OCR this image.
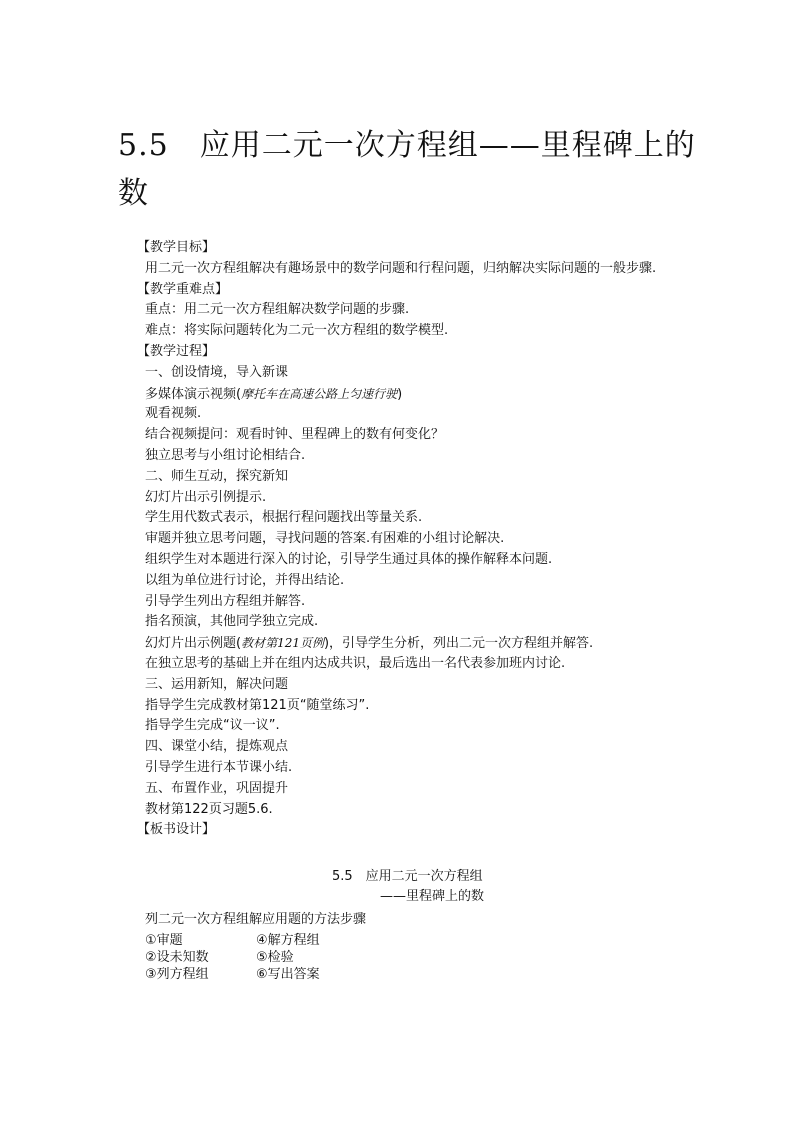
5.5　应用二元一次方程组——里程碑上的数
【教学目标】
用二元一次方程组解决有趣场景中的数学问题和行程问题，归纳解决实际问题的一般步骤.
【教学重难点】
重点：用二元一次方程组解决数学问题的步骤.
难点：将实际问题转化为二元一次方程组的数学模型.
【教学过程】
一、创设情境，导入新课
多媒体演示视频(摩托车在高速公路上匀速行驶)
观看视频.
结合视频提问：观看时钟、里程碑上的数有何变化？
独立思考与小组讨论相结合.
二、师生互动，探究新知
幻灯片出示引例提示.
学生用代数式表示，根据行程问题找出等量关系.
审题并独立思考问题，寻找问题的答案.有困难的小组讨论解决.
组织学生对本题进行深入的讨论，引导学生通过具体的操作解释本问题.
以组为单位进行讨论，并得出结论.
引导学生列出方程组并解答.
指名预演，其他同学独立完成.
幻灯片出示例题(教材第121页例)，引导学生分析，列出二元一次方程组并解答.
在独立思考的基础上并在组内达成共识，最后选出一名代表参加班内讨论.
三、运用新知，解决问题
指导学生完成教材第121页“随堂练习”.
指导学生完成“议一议”.
四、课堂小结，提炼观点
引导学生进行本节课小结.
五、布置作业，巩固提升
教材第122页习题5.6.
【板书设计】
5.5　应用二元一次方程组
——里程碑上的数
列二元一次方程组解应用题的方法步骤
①审题	④解方程组
②设未知数	⑤检验
③列方程组	⑥写出答案
